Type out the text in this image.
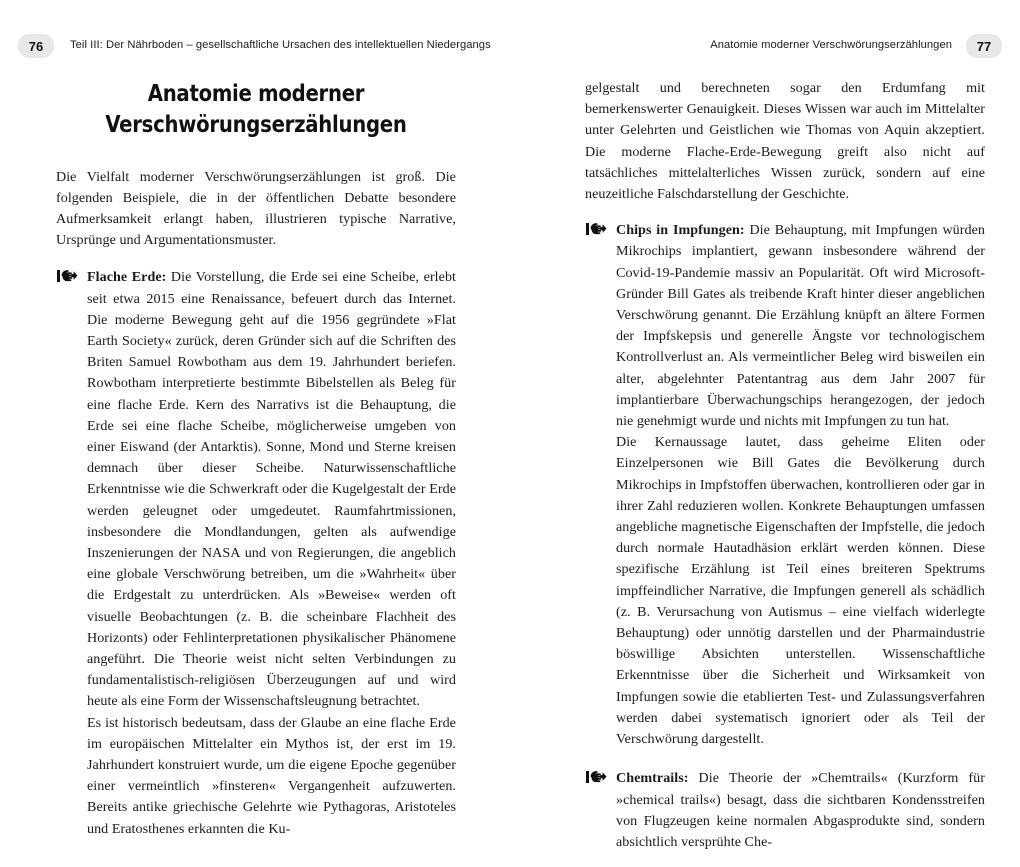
76	Teil III: Der Nährboden – gesellschaftliche Ursachen des intellektuellen Niedergangs	Anatomie moderner Verschwörungserzählungen	77
Anatomie moderner
Verschwörungserzählungen

Die Vielfalt moderner Verschwörungserzählungen ist groß. Die folgenden Beispiele, die in der öffentlichen Debatte besondere Aufmerksamkeit erlangt haben, illustrieren typische Narrative, Ursprünge und Argumentationsmuster.

Flache Erde: Die Vorstellung, die Erde sei eine Scheibe, erlebt seit etwa 2015 eine Renaissance, befeuert durch das Internet. Die moderne Bewegung geht auf die 1956 gegründete »Flat Earth Society« zurück, deren Gründer sich auf die Schriften des Briten Samuel Rowbotham aus dem 19. Jahrhundert beriefen. Rowbotham interpretierte bestimmte Bibelstellen als Beleg für eine flache Erde. Kern des Narrativs ist die Behauptung, die Erde sei eine flache Scheibe, möglicherweise umgeben von einer Eiswand (der Antarktis). Sonne, Mond und Sterne kreisen demnach über dieser Scheibe. Naturwissenschaftliche Erkenntnisse wie die Schwerkraft oder die Kugelgestalt der Erde werden geleugnet oder umgedeutet. Raumfahrtmissionen, insbesondere die Mondlandungen, gelten als aufwendige Inszenierungen der NASA und von Regierungen, die angeblich eine globale Verschwörung betreiben, um die »Wahrheit« über die Erdgestalt zu unterdrücken. Als »Beweise« werden oft visuelle Beobachtungen (z. B. die scheinbare Flachheit des Horizonts) oder Fehlinterpretationen physikalischer Phänomene angeführt. Die Theorie weist nicht selten Verbindungen zu fundamentalistisch-religiösen Überzeugungen auf und wird heute als eine Form der Wissenschaftsleugnung betrachtet.

Es ist historisch bedeutsam, dass der Glaube an eine flache Erde im europäischen Mittelalter ein Mythos ist, der erst im 19. Jahrhundert konstruiert wurde, um die eigene Epoche gegenüber einer vermeintlich »finsteren« Vergangenheit aufzuwerten. Bereits antike griechische Gelehrte wie Pythagoras, Aristoteles und Eratosthenes erkannten die Ku-

gelgestalt und berechneten sogar den Erdumfang mit bemerkenswerter Genauigkeit. Dieses Wissen war auch im Mittelalter unter Gelehrten und Geistlichen wie Thomas von Aquin akzeptiert. Die moderne Flache-Erde-Bewegung greift also nicht auf tatsächliches mittelalterliches Wissen zurück, sondern auf eine neuzeitliche Falschdarstellung der Geschichte.

Chips in Impfungen: Die Behauptung, mit Impfungen würden Mikrochips implantiert, gewann insbesondere während der Covid-19-Pandemie massiv an Popularität. Oft wird Microsoft-Gründer Bill Gates als treibende Kraft hinter dieser angeblichen Verschwörung genannt. Die Erzählung knüpft an ältere Formen der Impfskepsis und generelle Ängste vor technologischem Kontrollverlust an. Als vermeintlicher Beleg wird bisweilen ein alter, abgelehnter Patentantrag aus dem Jahr 2007 für implantierbare Überwachungschips herangezogen, der jedoch nie genehmigt wurde und nichts mit Impfungen zu tun hat.

Die Kernaussage lautet, dass geheime Eliten oder Einzelpersonen wie Bill Gates die Bevölkerung durch Mikrochips in Impfstoffen überwachen, kontrollieren oder gar in ihrer Zahl reduzieren wollen. Konkrete Behauptungen umfassen angebliche magnetische Eigenschaften der Impfstelle, die jedoch durch normale Hautadhäsion erklärt werden können. Diese spezifische Erzählung ist Teil eines breiteren Spektrums impffeindlicher Narrative, die Impfungen generell als schädlich (z. B. Verursachung von Autismus – eine vielfach widerlegte Behauptung) oder unnötig darstellen und der Pharmaindustrie böswillige Absichten unterstellen. Wissenschaftliche Erkenntnisse über die Sicherheit und Wirksamkeit von Impfungen sowie die etablierten Test- und Zulassungsverfahren werden dabei systematisch ignoriert oder als Teil der Verschwörung dargestellt.

Chemtrails: Die Theorie der »Chemtrails« (Kurzform für »chemical trails«) besagt, dass die sichtbaren Kondensstreifen von Flugzeugen keine normalen Abgasprodukte sind, sondern absichtlich versprühte Che-
